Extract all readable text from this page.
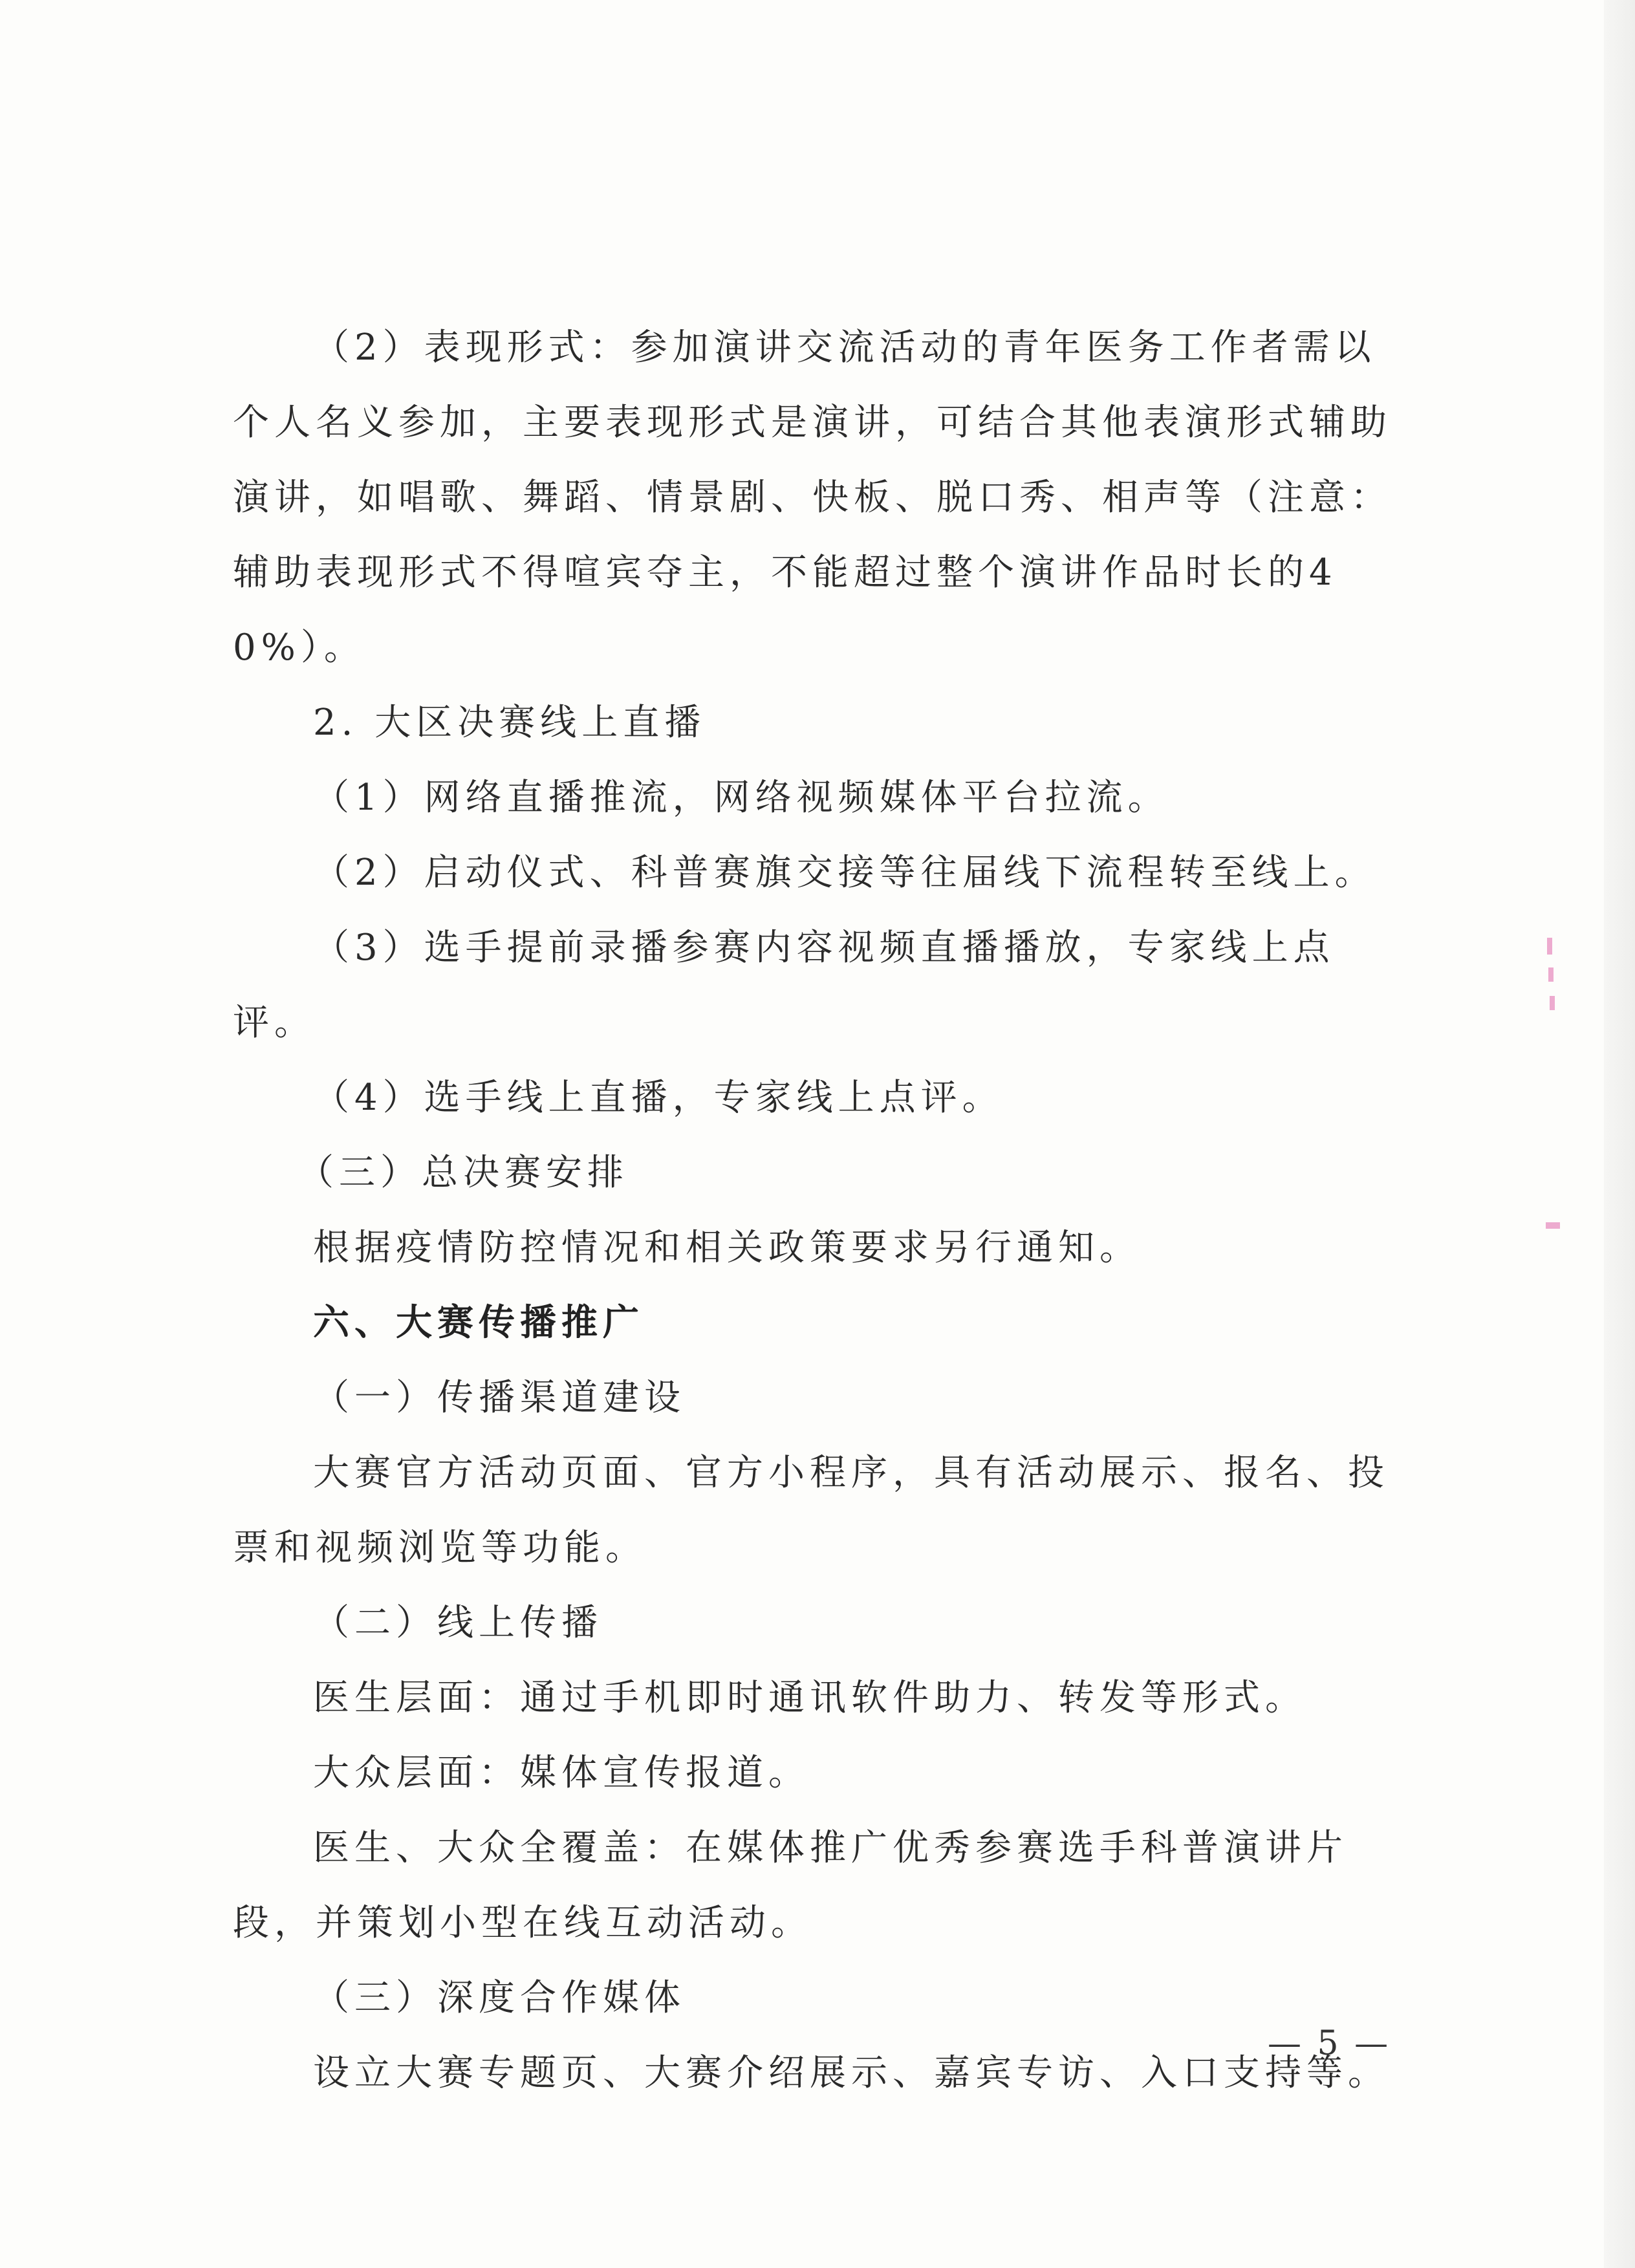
（2）表现形式：参加演讲交流活动的青年医务工作者需以个人名义参加，主要表现形式是演讲，可结合其他表演形式辅助演讲，如唱歌、舞蹈、情景剧、快板、脱口秀、相声等（注意：辅助表现形式不得喧宾夺主，不能超过整个演讲作品时长的40%）。

2. 大区决赛线上直播

（1）网络直播推流，网络视频媒体平台拉流。

（2）启动仪式、科普赛旗交接等往届线下流程转至线上。

（3）选手提前录播参赛内容视频直播播放，专家线上点评。

（4）选手线上直播，专家线上点评。

（三）总决赛安排

根据疫情防控情况和相关政策要求另行通知。

六、大赛传播推广

（一）传播渠道建设

大赛官方活动页面、官方小程序，具有活动展示、报名、投票和视频浏览等功能。

（二）线上传播

医生层面：通过手机即时通讯软件助力、转发等形式。

大众层面：媒体宣传报道。

医生、大众全覆盖：在媒体推广优秀参赛选手科普演讲片段，并策划小型在线互动活动。

（三）深度合作媒体

设立大赛专题页、大赛介绍展示、嘉宾专访、入口支持等。

— 5 —
